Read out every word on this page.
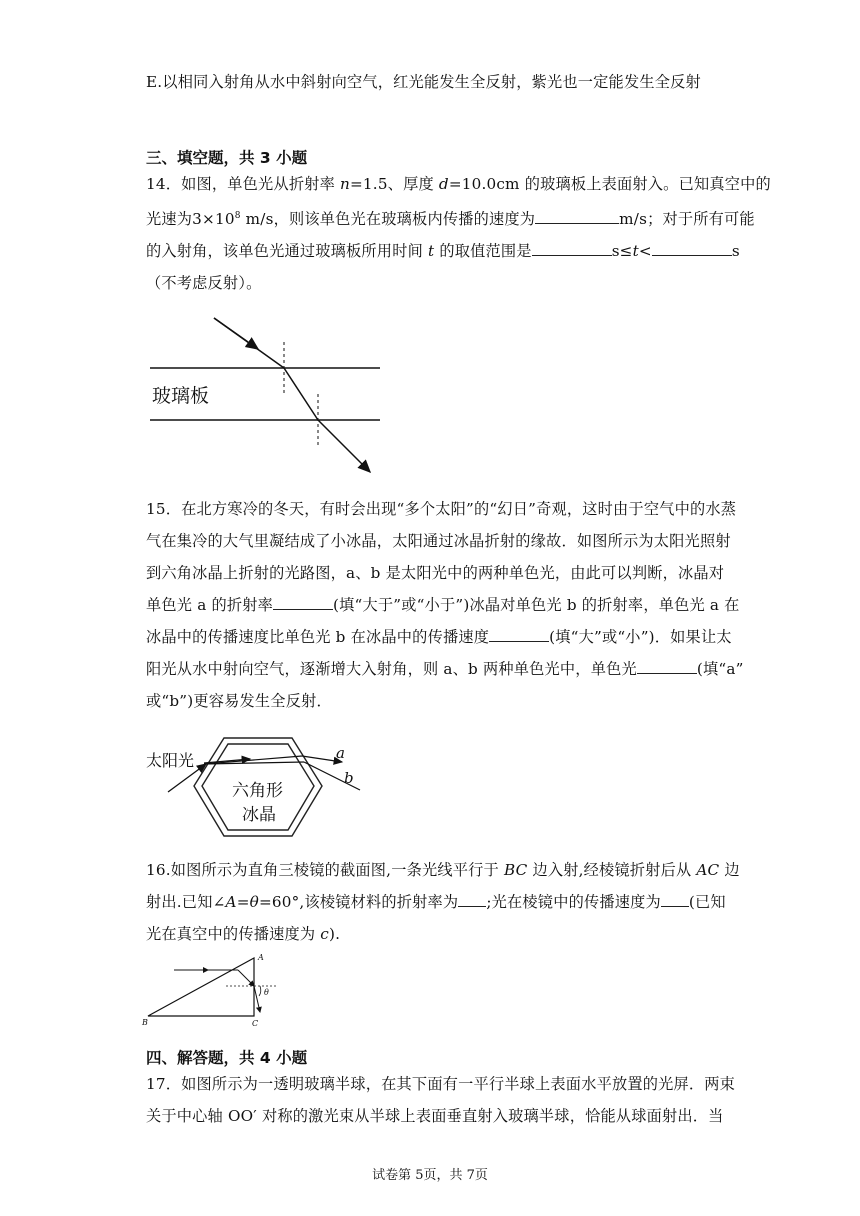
E.以相同入射角从水中斜射向空气，红光能发生全反射，紫光也一定能发生全反射
三、填空题，共 3 小题
14．如图，单色光从折射率 n=1.5、厚度 d=10.0cm 的玻璃板上表面射入。已知真空中的
光速为$3\times 10^8$ m/s，则该单色光在玻璃板内传播的速度为	m/s；对于所有可能
的入射角，该单色光通过玻璃板所用时间 t 的取值范围是	s≤t<	s
（不考虑反射）。
玻璃板
15．在北方寒冷的冬天，有时会出现“多个太阳”的“幻日”奇观，这时由于空气中的水蒸
气在集冷的大气里凝结成了小冰晶，太阳通过冰晶折射的缘故．如图所示为太阳光照射
到六角冰晶上折射的光路图，a、b 是太阳光中的两种单色光，由此可以判断，冰晶对
单色光 a 的折射率	(填“大于”或“小于”)冰晶对单色光 b 的折射率，单色光 a 在
冰晶中的传播速度比单色光 b 在冰晶中的传播速度	(填“大”或“小”)．如果让太
阳光从水中射向空气，逐渐增大入射角，则 a、b 两种单色光中，单色光	(填“a”
或“b”)更容易发生全反射．
太阳光
六角形
冰晶
a
b
16.如图所示为直角三棱镜的截面图,一条光线平行于 BC 边入射,经棱镜折射后从 AC 边
射出.已知∠A=θ=60°,该棱镜材料的折射率为 ;光在棱镜中的传播速度为 (已知
光在真空中的传播速度为 c).
A
B	C
θ
四、解答题，共 4 小题
17．如图所示为一透明玻璃半球，在其下面有一平行半球上表面水平放置的光屏．两束
关于中心轴 OO′ 对称的激光束从半球上表面垂直射入玻璃半球，恰能从球面射出．当
试卷第 5页，共 7页
